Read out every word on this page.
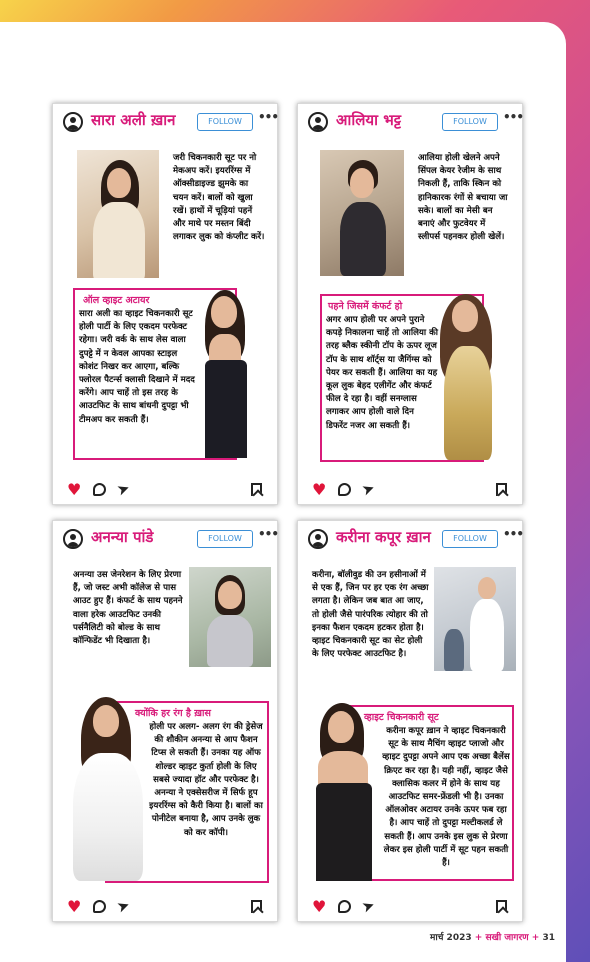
सारा अली ख़ान	FOLLOW	•••
जरी चिकनकारी सूट पर नो मेकअप करें। इयररिंग्स में ऑक्सीडाइज्ड झुमके का चयन करें। बालों को खुला रखें। हाथों में चूड़ियां पहनें और माथे पर मस्तन बिंदी लगाकर लुक को कंप्लीट करें।
ऑल व्हाइट अटायर
सारा अली का व्हाइट चिकनकारी सूट होली पार्टी के लिए एकदम परफेक्ट रहेगा। जरी वर्क के साथ लेस वाला दुपट्टे में न केवल आपका स्टाइल कोशंट निखर कर आएगा, बल्कि फ्लोरल पैटर्न्स क्लासी दिखाने में मदद करेंगे। आप चाहें तो इस तरह के आउटफिट के साथ बांधनी दुपट्टा भी टीमअप कर सकती हैं।
♥ ➤
आलिया भट्ट	FOLLOW	•••
आलिया होली खेलने अपने सिंपल केयर रेजीम के साथ निकली हैं, ताकि स्किन को हानिकारक रंगों से बचाया जा सके। बालों का मेसी बन बनाएं और फुटवेयर में स्लीपर्स पहनकर होली खेलें।
पहने जिसमें कंफर्ट हो
अगर आप होली पर अपने पुराने कपड़े निकालना चाहें तो आलिया की तरह ब्लैक स्कीनी टॉप के ऊपर लूज टॉप के साथ शॉर्ट्स या जैगिंग्स को पेयर कर सकती हैं। आलिया का यह कूल लुक बेहद एलीगेंट और कंफर्ट फील दे रहा है। वहीं सनग्लास लगाकर आप होली वाले दिन डिफरेंट नजर आ सकती हैं।
♥ ➤
अनन्या पांडे	FOLLOW	•••
अनन्या उस जेनरेशन के लिए प्रेरणा हैं, जो जस्ट अभी कॉलेज से पास आउट हुए हैं। कंफर्ट के साथ पहनने वाला हरेक आउटफिट उनकी पर्सनैलिटी को बोल्ड के साथ कॉन्फिडेंट भी दिखाता है।
क्योंकि हर रंग है ख़ास
होली पर अलग- अलग रंग की ड्रेसेज की शौकीन अनन्या से आप फैशन टिप्स ले सकती हैं। उनका यह ऑफ शोल्डर व्हाइट कुर्ता होली के लिए सबसे ज्यादा हॉट और परफेक्ट है। अनन्या ने एक्सेसरीज में सिर्फ हूप इयररिंग्स को कैरी किया है। बालों का पोनीटेल बनाया है, आप उनके लुक को कर कॉपी।
♥ ➤
करीना कपूर ख़ान	FOLLOW	•••
करीना, बॉलीवुड की उन हसीनाओं में से एक हैं, जिन पर हर एक रंग अच्छा लगता है। लेकिन जब बात आ जाए, तो होली जैसे पारंपरिक त्योहार की तो इनका फैशन एकदम हटकर होता है। व्हाइट चिकनकारी सूट का सेट होली के लिए परफेक्ट आउटफिट है।
व्हाइट चिकनकारी सूट
करीना कपूर ख़ान ने व्हाइट चिकनकारी सूट के साथ मैचिंग व्हाइट प्लाजो और व्हाइट दुपट्टा अपने आप एक अच्छा बैलेंस क्रिएट कर रहा है। यही नहीं, व्हाइट जैसे क्लासिक कलर में होने के साथ यह आउटफिट समर-फ्रेंडली भी है। उनका ऑलओवर अटायर उनके ऊपर फब रहा है। आप चाहें तो दुपट्टा मल्टीकलर्ड ले सकती हैं। आप उनके इस लुक से प्रेरणा लेकर इस होली पार्टी में सूट पहन सकती हैं।
♥ ➤
मार्च 2023 + सखी जागरण + 31
